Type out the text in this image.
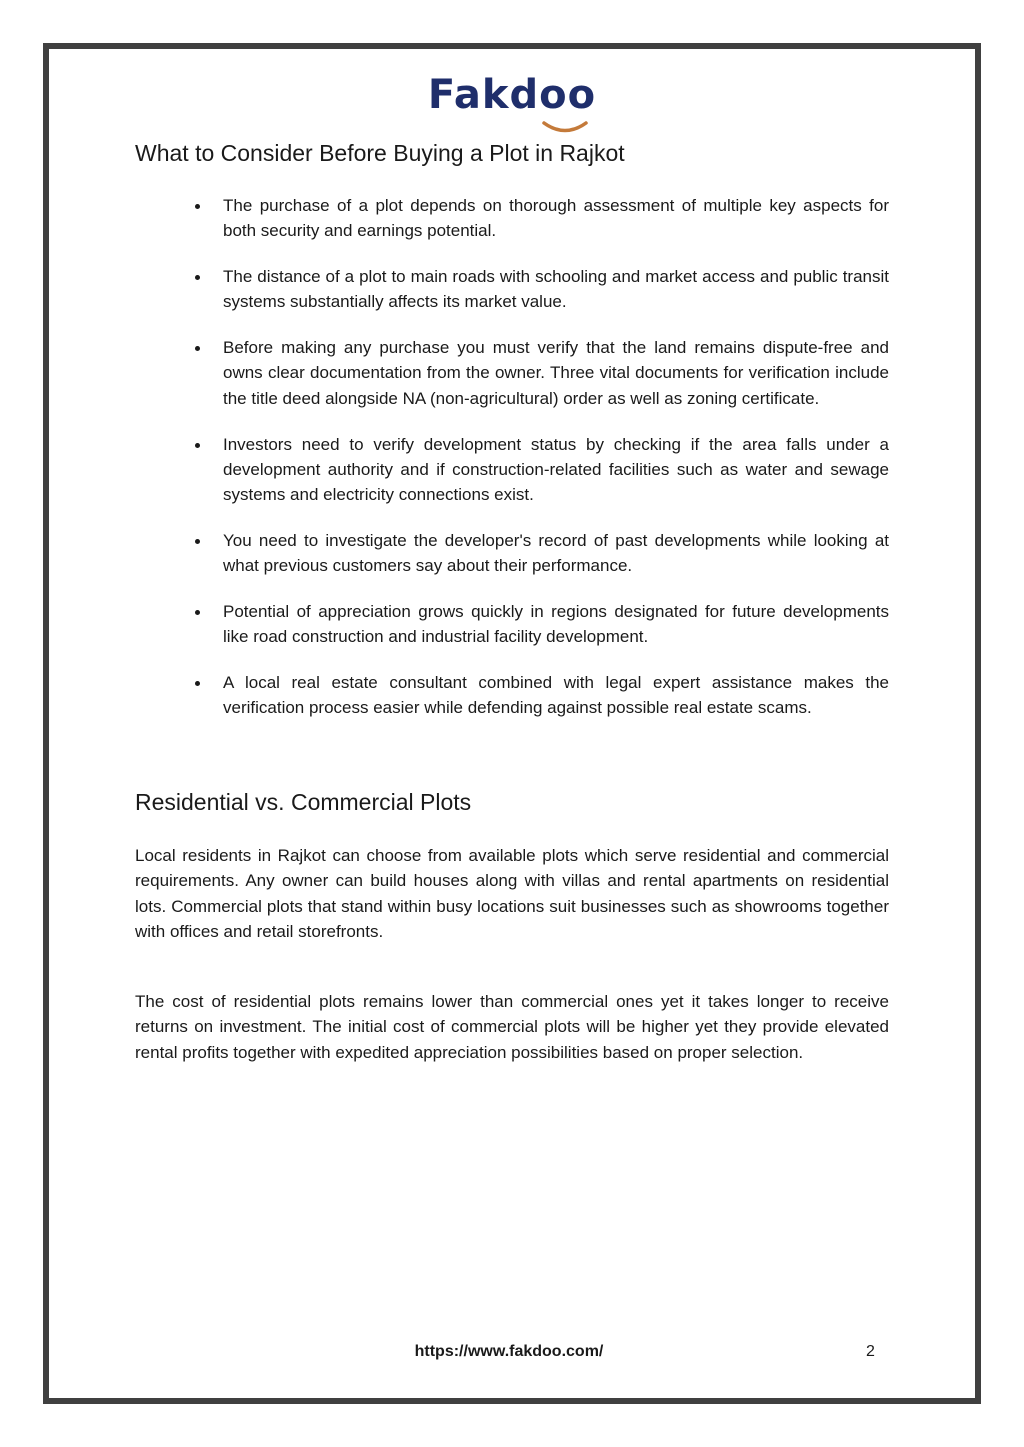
Fakdoo
What to Consider Before Buying a Plot in Rajkot
The purchase of a plot depends on thorough assessment of multiple key aspects for both security and earnings potential.
The distance of a plot to main roads with schooling and market access and public transit systems substantially affects its market value.
Before making any purchase you must verify that the land remains dispute-free and owns clear documentation from the owner. Three vital documents for verification include the title deed alongside NA (non-agricultural) order as well as zoning certificate.
Investors need to verify development status by checking if the area falls under a development authority and if construction-related facilities such as water and sewage systems and electricity connections exist.
You need to investigate the developer's record of past developments while looking at what previous customers say about their performance.
Potential of appreciation grows quickly in regions designated for future developments like road construction and industrial facility development.
A local real estate consultant combined with legal expert assistance makes the verification process easier while defending against possible real estate scams.
Residential vs. Commercial Plots

Local residents in Rajkot can choose from available plots which serve residential and commercial requirements. Any owner can build houses along with villas and rental apartments on residential lots. Commercial plots that stand within busy locations suit businesses such as showrooms together with offices and retail storefronts.

The cost of residential plots remains lower than commercial ones yet it takes longer to receive returns on investment. The initial cost of commercial plots will be higher yet they provide elevated rental profits together with expedited appreciation possibilities based on proper selection.

https://www.fakdoo.com/	2
